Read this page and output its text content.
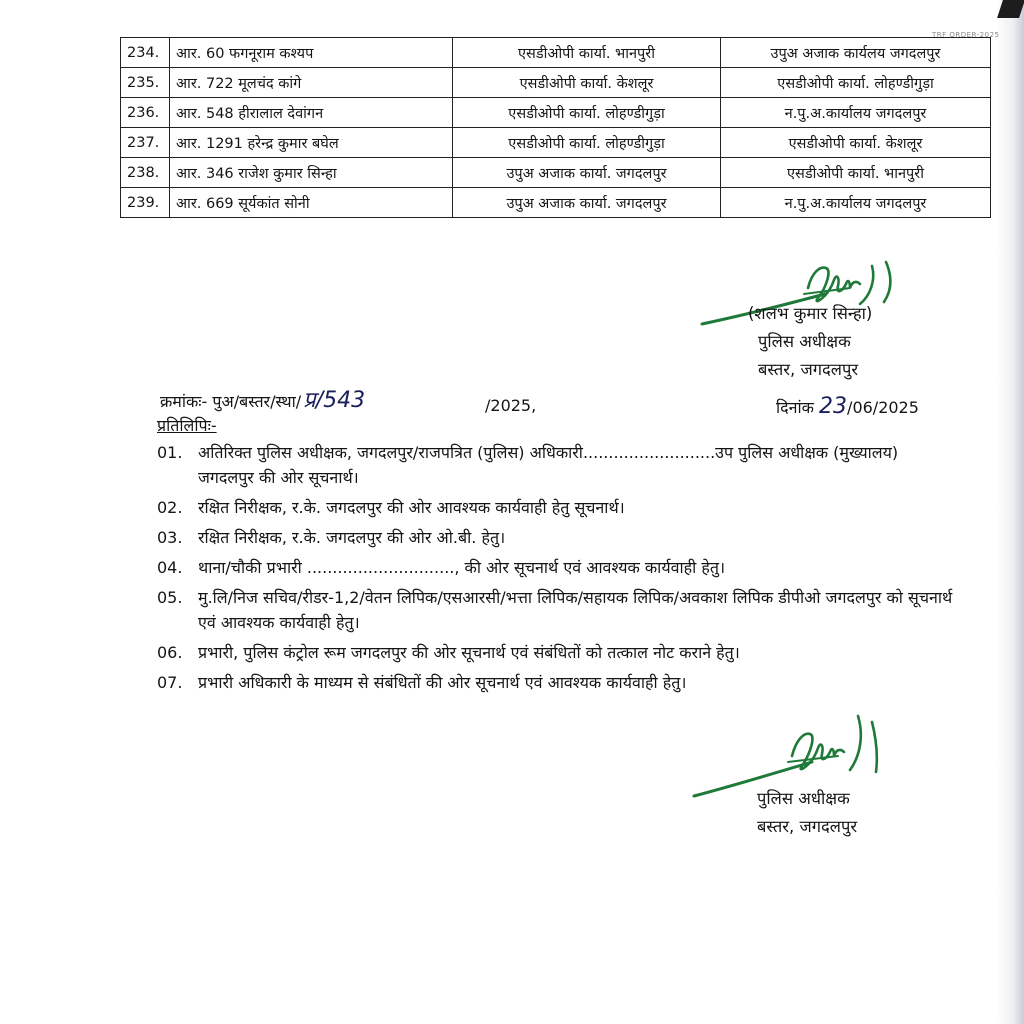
TRF ORDER-2025
234.	आर. 60 फगनूराम कश्यप	एसडीओपी कार्या. भानपुरी	उपुअ अजाक कार्यलय जगदलपुर
235.	आर. 722 मूलचंद कांगे	एसडीओपी कार्या. केशलूर	एसडीओपी कार्या. लोहण्डीगुड़ा
236.	आर. 548 हीरालाल देवांगन	एसडीओपी कार्या. लोहण्डीगुड़ा	न.पु.अ.कार्यालय जगदलपुर
237.	आर. 1291 हरेन्द्र कुमार बघेल	एसडीओपी कार्या. लोहण्डीगुड़ा	एसडीओपी कार्या. केशलूर
238.	आर. 346 राजेश कुमार सिन्हा	उपुअ अजाक कार्या. जगदलपुर	एसडीओपी कार्या. भानपुरी
239.	आर. 669 सूर्यकांत सोनी	उपुअ अजाक कार्या. जगदलपुर	न.पु.अ.कार्यालय जगदलपुर
(शलभ कुमार सिन्हा)
पुलिस अधीक्षक
बस्तर, जगदलपुर
क्रमांकः- पुअ/बस्तर/स्था/प्र/543	/2025,	दिनांक 23/06/2025
प्रतिलिपिः-
01. अतिरिक्त पुलिस अधीक्षक, जगदलपुर/राजपत्रित (पुलिस) अधिकारी..........................उप पुलिस अधीक्षक (मुख्यालय) जगदलपुर की ओर सूचनार्थ।
02. रक्षित निरीक्षक, र.के. जगदलपुर की ओर आवश्यक कार्यवाही हेतु सूचनार्थ।
03. रक्षित निरीक्षक, र.के. जगदलपुर की ओर ओ.बी. हेतु।
04. थाना/चौकी प्रभारी ............................., की ओर सूचनार्थ एवं आवश्यक कार्यवाही हेतु।
05. मु.लि/निज सचिव/रीडर-1,2/वेतन लिपिक/एसआरसी/भत्ता लिपिक/सहायक लिपिक/अवकाश लिपिक डीपीओ जगदलपुर को सूचनार्थ एवं आवश्यक कार्यवाही हेतु।
06. प्रभारी, पुलिस कंट्रोल रूम जगदलपुर की ओर सूचनार्थ एवं संबंधितों को तत्काल नोट कराने हेतु।
07. प्रभारी अधिकारी के माध्यम से संबंधितों की ओर सूचनार्थ एवं आवश्यक कार्यवाही हेतु।
पुलिस अधीक्षक
बस्तर, जगदलपुर
